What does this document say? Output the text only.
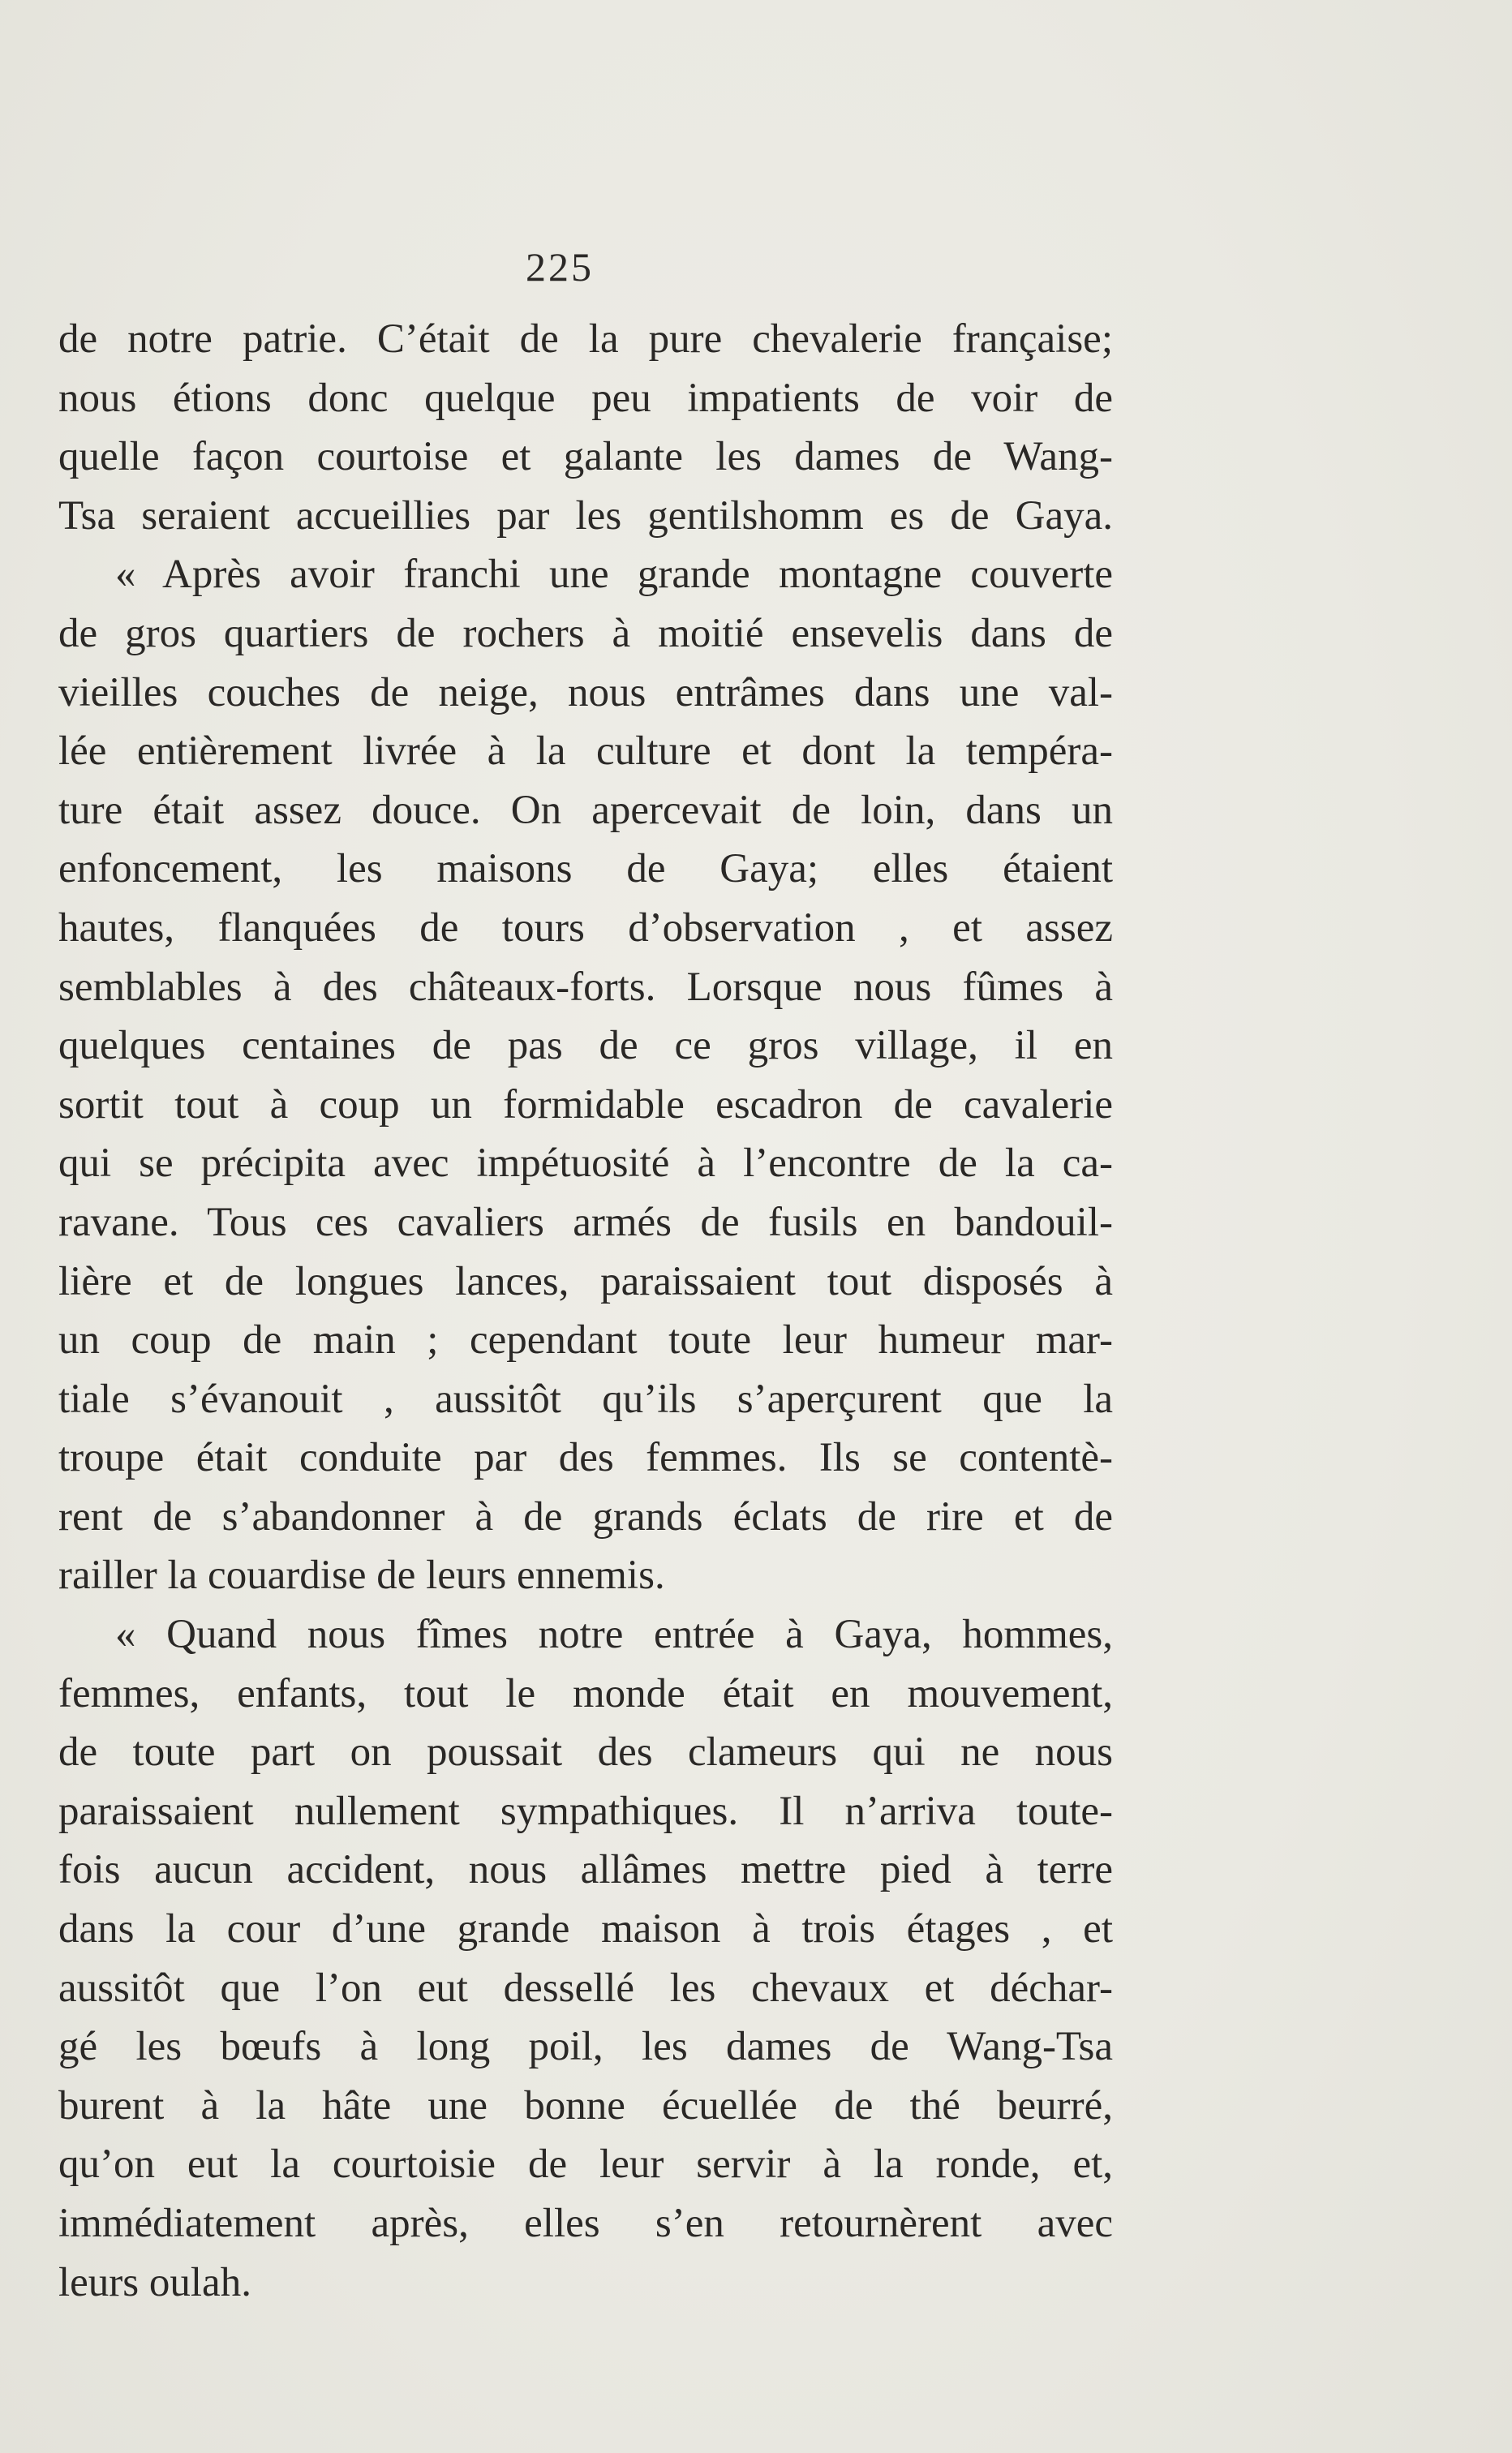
225
de notre patrie. C’était de la pure chevalerie française;
nous étions donc quelque peu impatients de voir de
quelle façon courtoise et galante les dames de Wang-
Tsa seraient accueillies par les gentilshomm es de Gaya.
« Après avoir franchi une grande montagne couverte
de gros quartiers de rochers à moitié ensevelis dans de
vieilles couches de neige, nous entrâmes dans une val-
lée entièrement livrée à la culture et dont la tempéra-
ture était assez douce. On apercevait de loin, dans un
enfoncement, les maisons de Gaya; elles étaient
hautes, flanquées de tours d’observation , et assez
semblables à des châteaux-forts. Lorsque nous fûmes à
quelques centaines de pas de ce gros village, il en
sortit tout à coup un formidable escadron de cavalerie
qui se précipita avec impétuosité à l’encontre de la ca-
ravane. Tous ces cavaliers armés de fusils en bandouil-
lière et de longues lances, paraissaient tout disposés à
un coup de main ; cependant toute leur humeur mar-
tiale s’évanouit , aussitôt qu’ils s’aperçurent que la
troupe était conduite par des femmes. Ils se contentè-
rent de s’abandonner à de grands éclats de rire et de
railler la couardise de leurs ennemis.
« Quand nous fîmes notre entrée à Gaya, hommes,
femmes, enfants, tout le monde était en mouvement,
de toute part on poussait des clameurs qui ne nous
paraissaient nullement sympathiques. Il n’arriva toute-
fois aucun accident, nous allâmes mettre pied à terre
dans la cour d’une grande maison à trois étages , et
aussitôt que l’on eut dessellé les chevaux et déchar-
gé les bœufs à long poil, les dames de Wang-Tsa
burent à la hâte une bonne écuellée de thé beurré,
qu’on eut la courtoisie de leur servir à la ronde, et,
immédiatement après, elles s’en retournèrent avec
leurs oulah.
